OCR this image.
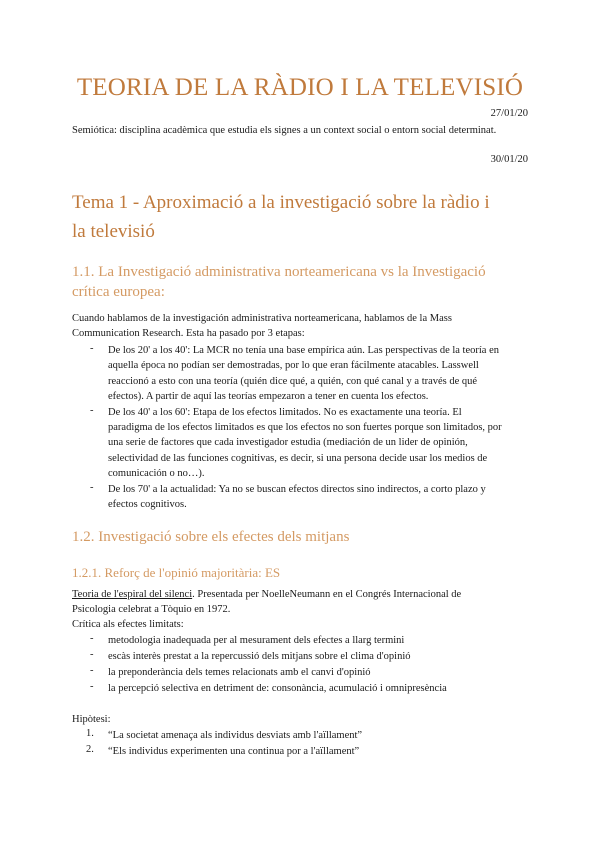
TEORIA DE LA RÀDIO I LA TELEVISIÓ
27/01/20
Semiótica: disciplina acadèmica que estudia els signes a un context social o entorn social determinat.
30/01/20
Tema 1 - Aproximació a la investigació sobre la ràdio i
la televisió
1.1. La Investigació administrativa norteamericana vs la Investigació
crítica europea:
Cuando hablamos de la investigación administrativa norteamericana, hablamos de la Mass
Communication Research. Esta ha pasado por 3 etapas:
- De los 20' a los 40': La MCR no tenía una base empírica aún. Las perspectivas de la teoría en
aquella época no podían ser demostradas, por lo que eran fácilmente atacables. Lasswell
reaccionó a esto con una teoría (quién dice qué, a quién, con qué canal y a través de qué
efectos). A partir de aquí las teorías empezaron a tener en cuenta los efectos.
- De los 40' a los 60': Etapa de los efectos limitados. No es exactamente una teoría. El
paradigma de los efectos limitados es que los efectos no son fuertes porque son limitados, por
una serie de factores que cada investigador estudia (mediación de un lider de opinión,
selectividad de las funciones cognitivas, es decir, si una persona decide usar los medios de
comunicación o no…).
- De los 70' a la actualidad: Ya no se buscan efectos directos sino indirectos, a corto plazo y
efectos cognitivos.
1.2. Investigació sobre els efectes dels mitjans
1.2.1. Reforç de l'opinió majoritària: ES
Teoria de l'espiral del silenci. Presentada per NoelleNeumann en el Congrés Internacional de
Psicologia celebrat a Tòquio en 1972.
Crítica als efectes limitats:
- metodologia inadequada per al mesurament dels efectes a llarg termini
- escàs interès prestat a la repercussió dels mitjans sobre el clima d'opinió
- la preponderància dels temes relacionats amb el canvi d'opinió
- la percepció selectiva en detriment de: consonància, acumulació i omnipresència
Hipòtesi:
1. “La societat amenaça als individus desviats amb l'aïllament”
2. “Els individus experimenten una continua por a l'aïllament”
